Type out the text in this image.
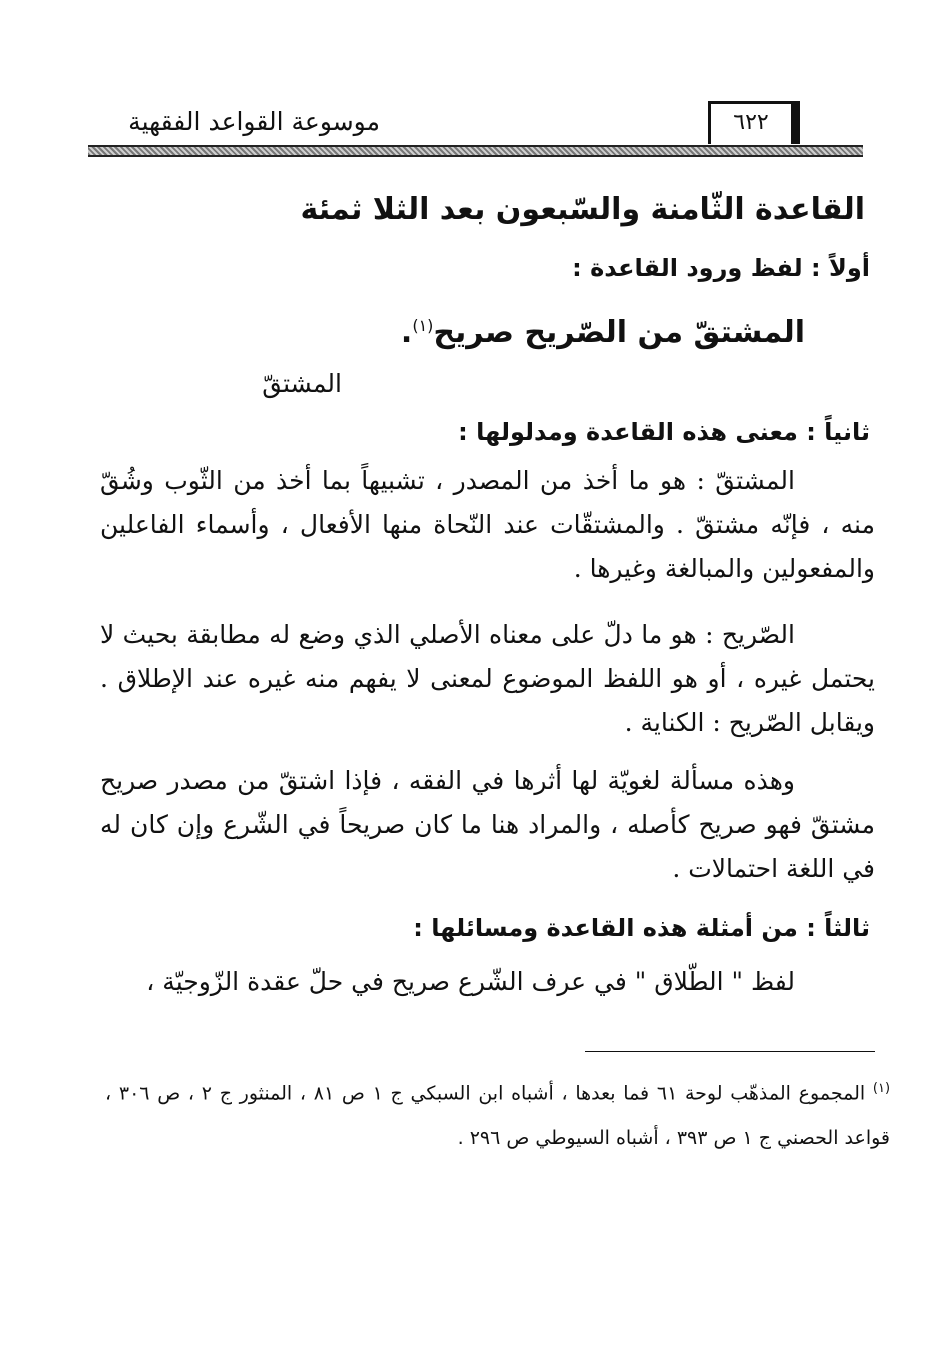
موسوعة القواعد الفقهية	٦٢٢
القاعدة الثّامنة والسّبعون بعد الثلا ثمئة
أولاً : لفظ ورود القاعدة :
المشتقّ من الصّريح صريح$^{(١)}$.
المشتقّ
ثانياً : معنى هذه القاعدة ومدلولها :
المشتقّ : هو ما أخذ من المصدر ، تشبيهاً بما أخذ من الثّوب وشُقّ منه ، فإنّه مشتقّ . والمشتقّات عند النّحاة منها الأفعال ، وأسماء الفاعلين والمفعولين والمبالغة وغيرها .
الصّريح : هو ما دلّ على معناه الأصلي الذي وضع له مطابقة بحيث لا يحتمل غيره ، أو هو اللفظ الموضوع لمعنى لا يفهم منه غيره عند الإطلاق . ويقابل الصّريح : الكناية .
وهذه مسألة لغويّة لها أثرها في الفقه ، فإذا اشتقّ من مصدر صريح مشتقّ فهو صريح كأصله ، والمراد هنا ما كان صريحاً في الشّرع وإن كان له في اللغة احتمالات .
ثالثاً : من أمثلة هذه القاعدة ومسائلها :
لفظ " الطّلاق " في عرف الشّرع صريح في حلّ عقدة الزّوجيّة ،
$^{(١)}$ المجموع المذهّب لوحة ٦١ فما بعدها ، أشباه ابن السبكي ج ١ ص ٨١ ، المنثور ج ٢ ، ص ٣٠٦ ، قواعد الحصني ج ١ ص ٣٩٣ ، أشباه السيوطي ص ٢٩٦ .
